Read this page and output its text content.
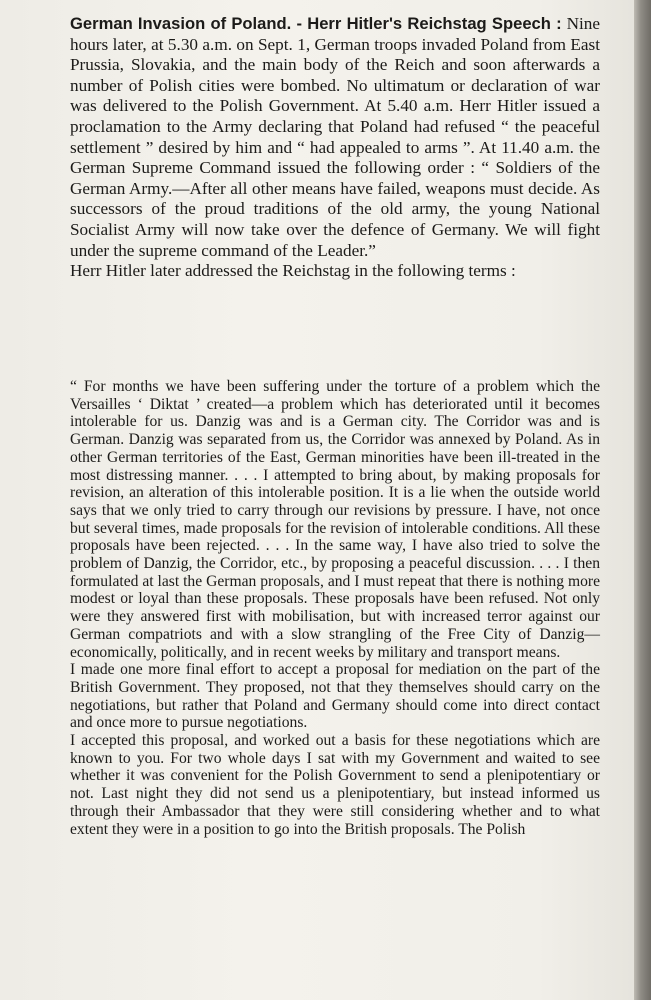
German Invasion of Poland. - Herr Hitler's Reichstag Speech : Nine hours later, at 5.30 a.m. on Sept. 1, German troops invaded Poland from East Prussia, Slovakia, and the main body of the Reich and soon afterwards a number of Polish cities were bombed. No ultimatum or declaration of war was delivered to the Polish Government. At 5.40 a.m. Herr Hitler issued a proclamation to the Army declaring that Poland had refused “ the peaceful settlement ” desired by him and “ had appealed to arms ”. At 11.40 a.m. the German Supreme Command issued the following order : “ Soldiers of the German Army.—After all other means have failed, weapons must decide. As successors of the proud traditions of the old army, the young National Socialist Army will now take over the defence of Germany. We will fight under the supreme command of the Leader.”

Herr Hitler later addressed the Reichstag in the following terms :

“ For months we have been suffering under the torture of a problem which the Versailles ‘ Diktat ’ created—a problem which has deteriorated until it becomes intolerable for us. Danzig was and is a German city. The Corridor was and is German. Danzig was separated from us, the Corridor was annexed by Poland. As in other German territories of the East, German minorities have been ill-treated in the most distressing manner. . . . I attempted to bring about, by making proposals for revision, an alteration of this intolerable position. It is a lie when the outside world says that we only tried to carry through our revisions by pressure. I have, not once but several times, made proposals for the revision of intolerable conditions. All these proposals have been rejected. . . . In the same way, I have also tried to solve the problem of Danzig, the Corridor, etc., by proposing a peaceful discussion. . . . I then formulated at last the German proposals, and I must repeat that there is nothing more modest or loyal than these proposals. These proposals have been refused. Not only were they answered first with mobilisation, but with increased terror against our German compatriots and with a slow strangling of the Free City of Danzig—economically, politically, and in recent weeks by military and transport means.

I made one more final effort to accept a proposal for mediation on the part of the British Government. They proposed, not that they themselves should carry on the negotiations, but rather that Poland and Germany should come into direct contact and once more to pursue negotiations.

I accepted this proposal, and worked out a basis for these negotiations which are known to you. For two whole days I sat with my Government and waited to see whether it was convenient for the Polish Government to send a plenipotentiary or not. Last night they did not send us a plenipotentiary, but instead informed us through their Ambassador that they were still considering whether and to what extent they were in a position to go into the British proposals. The Polish
